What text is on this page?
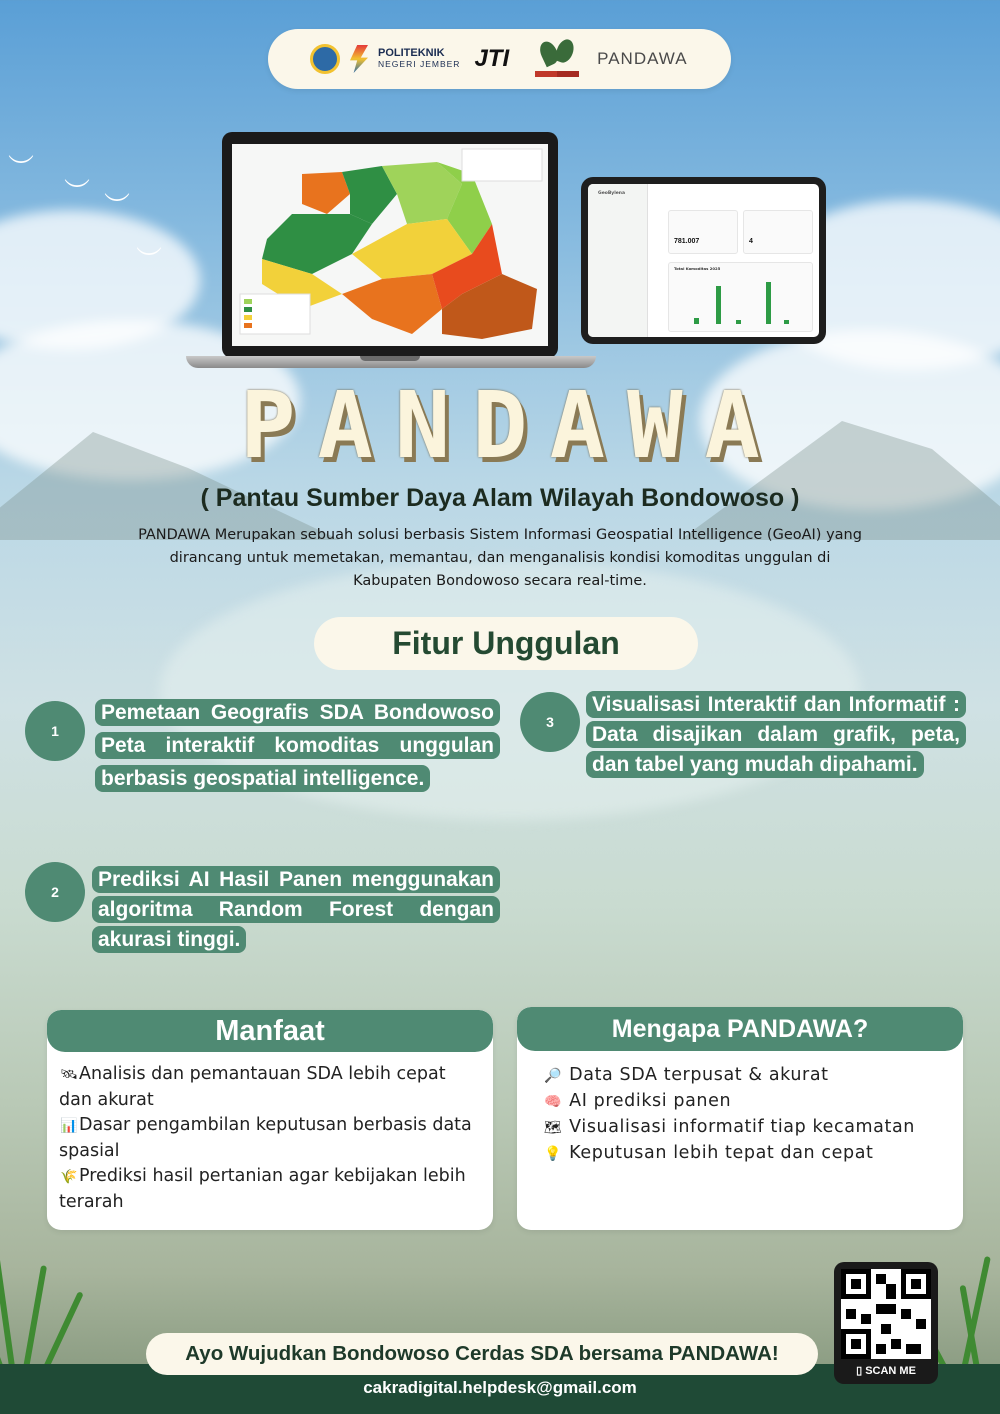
︶
︶ ︶
︶
POLITEKNIK
NEGERI JEMBER JTI	PANDAWA
GeoBylena
781.007	4
Total Komoditas 2025
PANDAWA
( Pantau Sumber Daya Alam Wilayah Bondowoso )
PANDAWA Merupakan sebuah solusi berbasis Sistem Informasi Geospatial Intelligence (GeoAI) yang dirancang untuk memetakan, memantau, dan menganalisis kondisi komoditas unggulan di Kabupaten Bondowoso secara real-time.
Fitur Unggulan
1
Pemetaan Geografis SDA Bondowoso Peta interaktif komoditas unggulan berbasis geospatial intelligence.
2
Prediksi AI Hasil Panen menggunakan algoritma Random Forest dengan akurasi tinggi.
3
Visualisasi Interaktif dan Informatif : Data disajikan dalam grafik, peta, dan tabel yang mudah dipahami.
Manfaat
🛰Analisis dan pemantauan SDA lebih cepat dan akurat
📊Dasar pengambilan keputusan berbasis data spasial
🌾Prediksi hasil pertanian agar kebijakan lebih terarah
Mengapa PANDAWA?
🔎 Data SDA terpusat & akurat
🧠 AI prediksi panen
🗺 Visualisasi informatif tiap kecamatan
💡 Keputusan lebih tepat dan cepat
Ayo Wujudkan Bondowoso Cerdas SDA bersama PANDAWA!
cakradigital.helpdesk@gmail.com
▯ SCAN ME
